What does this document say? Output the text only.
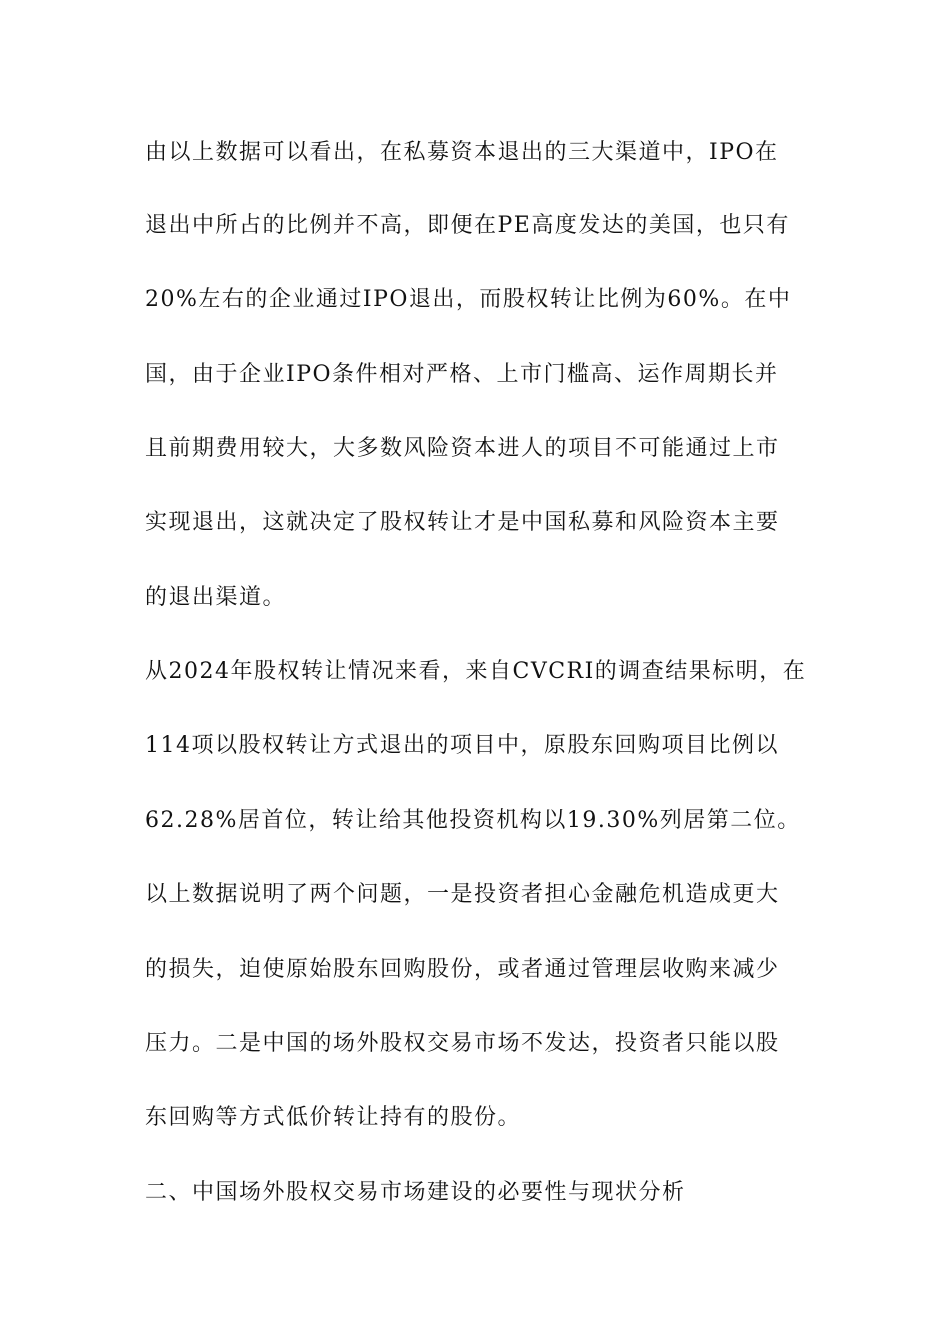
由以上数据可以看出，在私募资本退出的三大渠道中，IPO在
退出中所占的比例并不高，即便在PE高度发达的美国，也只有
20%左右的企业通过IPO退出，而股权转让比例为60%。在中
国，由于企业IPO条件相对严格、上市门槛高、运作周期长并
且前期费用较大，大多数风险资本进人的项目不可能通过上市
实现退出，这就决定了股权转让才是中国私募和风险资本主要
的退出渠道。
从2024年股权转让情况来看，来自CVCRI的调查结果标明，在
114项以股权转让方式退出的项目中，原股东回购项目比例以
62.28%居首位，转让给其他投资机构以19.30%列居第二位。
以上数据说明了两个问题，一是投资者担心金融危机造成更大
的损失，迫使原始股东回购股份，或者通过管理层收购来减少
压力。二是中国的场外股权交易市场不发达，投资者只能以股
东回购等方式低价转让持有的股份。
二、中国场外股权交易市场建设的必要性与现状分析
